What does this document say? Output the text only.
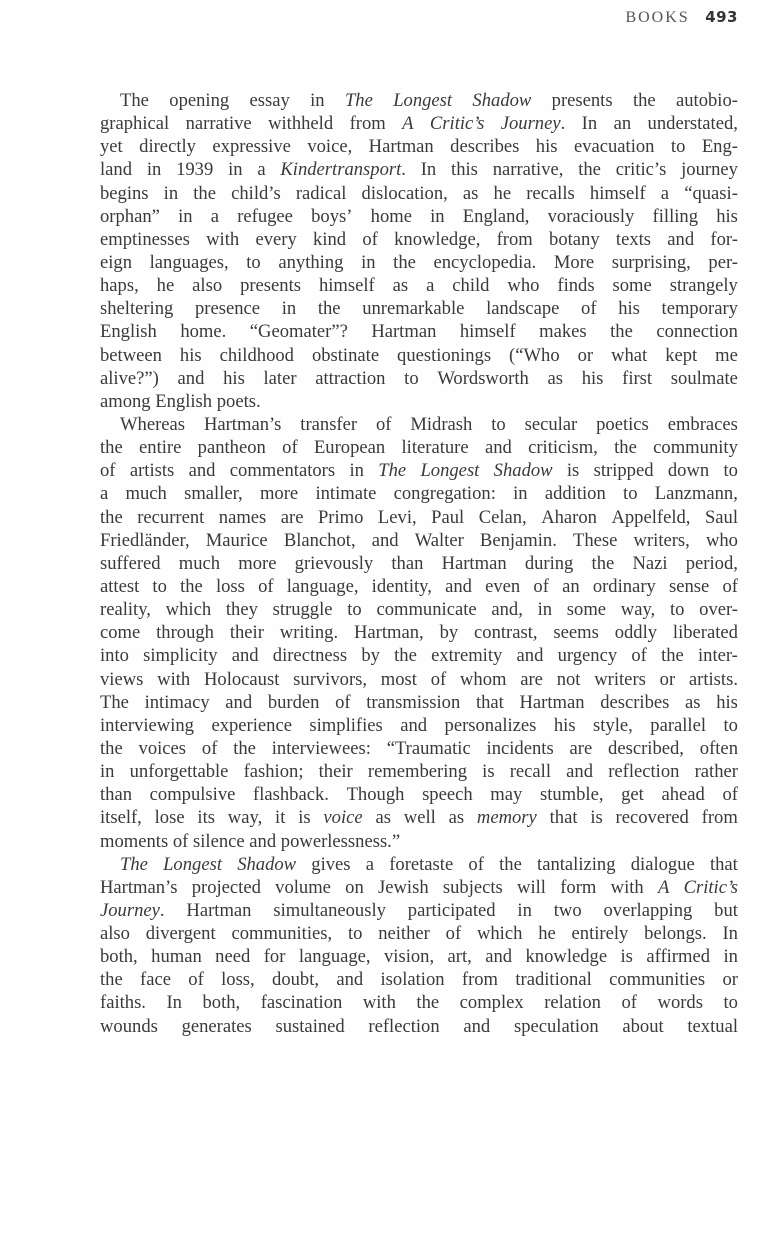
BOOKS 493
The opening essay in The Longest Shadow presents the autobio-
graphical narrative withheld from A Critic’s Journey. In an understated,
yet directly expressive voice, Hartman describes his evacuation to Eng-
land in 1939 in a Kindertransport. In this narrative, the critic’s journey
begins in the child’s radical dislocation, as he recalls himself a “quasi-
orphan” in a refugee boys’ home in England, voraciously filling his
emptinesses with every kind of knowledge, from botany texts and for-
eign languages, to anything in the encyclopedia. More surprising, per-
haps, he also presents himself as a child who finds some strangely
sheltering presence in the unremarkable landscape of his temporary
English home. “Geomater”? Hartman himself makes the connection
between his childhood obstinate questionings (“Who or what kept me
alive?”) and his later attraction to Wordsworth as his first soulmate
among English poets.
Whereas Hartman’s transfer of Midrash to secular poetics embraces
the entire pantheon of European literature and criticism, the community
of artists and commentators in The Longest Shadow is stripped down to
a much smaller, more intimate congregation: in addition to Lanzmann,
the recurrent names are Primo Levi, Paul Celan, Aharon Appelfeld, Saul
Friedländer, Maurice Blanchot, and Walter Benjamin. These writers, who
suffered much more grievously than Hartman during the Nazi period,
attest to the loss of language, identity, and even of an ordinary sense of
reality, which they struggle to communicate and, in some way, to over-
come through their writing. Hartman, by contrast, seems oddly liberated
into simplicity and directness by the extremity and urgency of the inter-
views with Holocaust survivors, most of whom are not writers or artists.
The intimacy and burden of transmission that Hartman describes as his
interviewing experience simplifies and personalizes his style, parallel to
the voices of the interviewees: “Traumatic incidents are described, often
in unforgettable fashion; their remembering is recall and reflection rather
than compulsive flashback. Though speech may stumble, get ahead of
itself, lose its way, it is voice as well as memory that is recovered from
moments of silence and powerlessness.”
The Longest Shadow gives a foretaste of the tantalizing dialogue that
Hartman’s projected volume on Jewish subjects will form with A Critic’s
Journey. Hartman simultaneously participated in two overlapping but
also divergent communities, to neither of which he entirely belongs. In
both, human need for language, vision, art, and knowledge is affirmed in
the face of loss, doubt, and isolation from traditional communities or
faiths. In both, fascination with the complex relation of words to
wounds generates sustained reflection and speculation about textual
